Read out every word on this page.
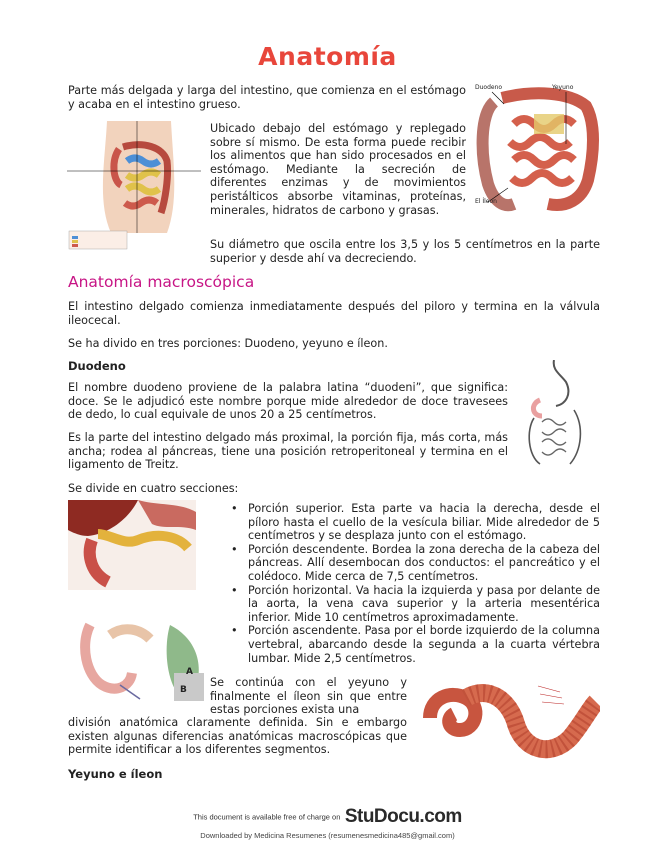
Anatomía
Duodeno	Yeyuno
El Íleon

Parte más delgada y larga del intestino, que comienza en el estómago y acaba en el intestino grueso.

Ubicado debajo del estómago y replegado sobre sí mismo. De esta forma puede recibir los alimentos que han sido procesados en el estómago. Mediante la secreción de diferentes enzimas y de movimientos peristálticos absorbe vitaminas, proteínas, minerales, hidratos de carbono y grasas.

Su diámetro que oscila entre los 3,5 y los 5 centímetros en la parte superior y desde ahí va decreciendo.

Anatomía macroscópica

El intestino delgado comienza inmediatamente después del piloro y termina en la válvula ileocecal.

Se ha divido en tres porciones: Duodeno, yeyuno e íleon.

Duodeno

El nombre duodeno proviene de la palabra latina “duodeni”, que significa: doce. Se le adjudicó este nombre porque mide alrededor de doce travesees de dedo, lo cual equivale de unos 20 a 25 centímetros.

Es la parte del intestino delgado más proximal, la porción fija, más corta, más ancha; rodea al páncreas, tiene una posición retroperitoneal y termina en el ligamento de Treitz.

Se divide en cuatro secciones:

A
B
• Porción superior. Esta parte va hacia la derecha, desde el píloro hasta el cuello de la vesícula biliar. Mide alrededor de 5 centímetros y se desplaza junto con el estómago.
• Porción descendente. Bordea la zona derecha de la cabeza del páncreas. Allí desembocan dos conductos: el pancreático y el colédoco. Mide cerca de 7,5 centímetros.
• Porción horizontal. Va hacia la izquierda y pasa por delante de la aorta, la vena cava superior y la arteria mesentérica inferior. Mide 10 centímetros aproximadamente.
• Porción ascendente. Pasa por el borde izquierdo de la columna vertebral, abarcando desde la segunda a la cuarta vértebra lumbar. Mide 2,5 centímetros.

Se continúa con el yeyuno y finalmente el íleon sin que entre estas porciones exista una

división anatómica claramente definida. Sin e embargo existen algunas diferencias anatómicas macroscópicas que permite identificar a los diferentes segmentos.

Yeyuno e íleon
This document is available free of charge on StuDocu.com
Downloaded by Medicina Resumenes (resumenesmedicina485@gmail.com)
